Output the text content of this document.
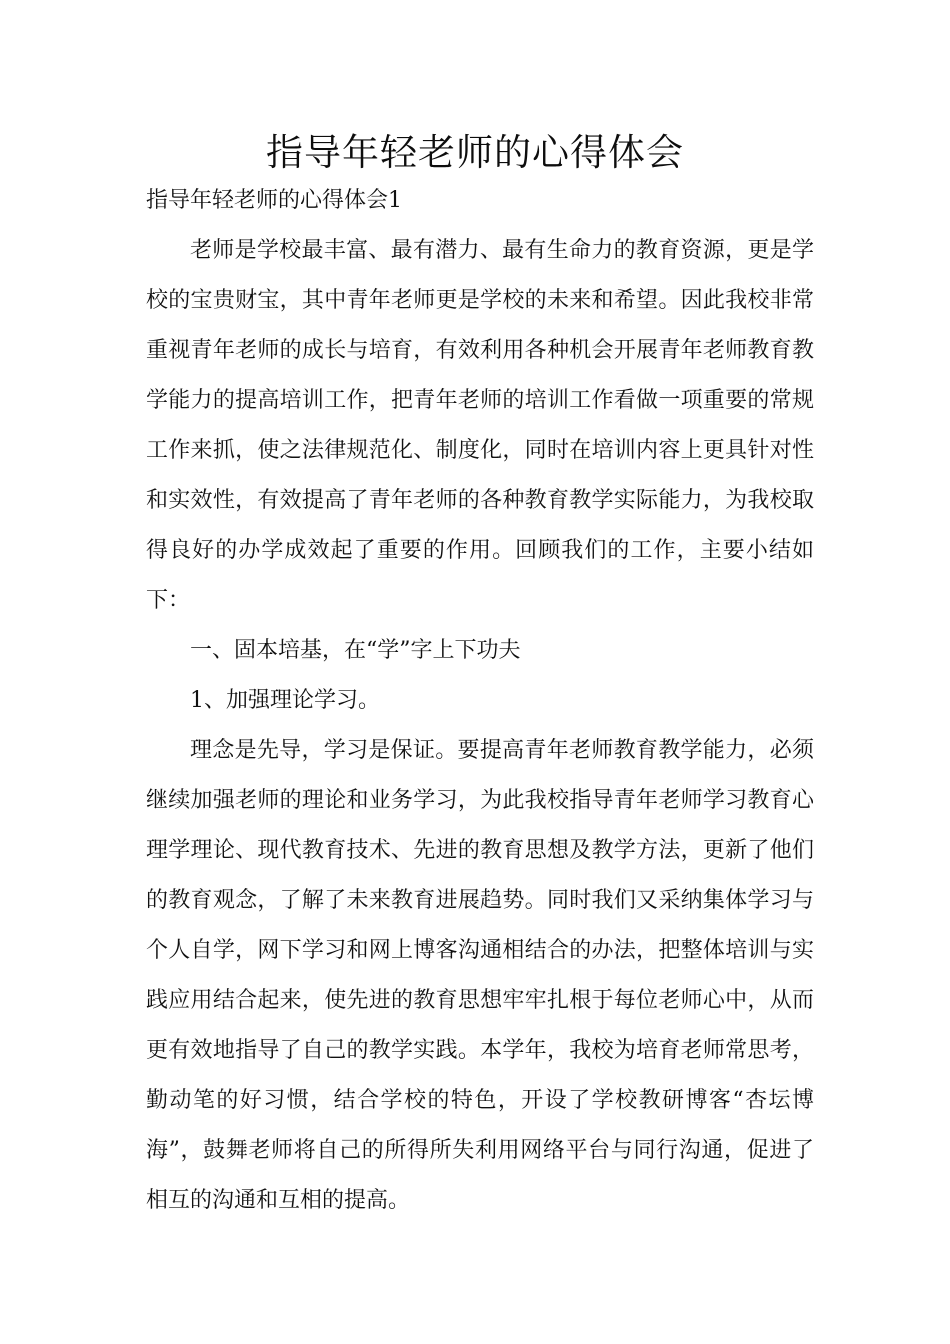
指导年轻老师的心得体会
指导年轻老师的心得体会1

老师是学校最丰富、最有潜力、最有生命力的教育资源，更是学校的宝贵财宝，其中青年老师更是学校的未来和希望。因此我校非常重视青年老师的成长与培育，有效利用各种机会开展青年老师教育教学能力的提高培训工作，把青年老师的培训工作看做一项重要的常规工作来抓，使之法律规范化、制度化，同时在培训内容上更具针对性和实效性，有效提高了青年老师的各种教育教学实际能力，为我校取得良好的办学成效起了重要的作用。回顾我们的工作，主要小结如下：

一、固本培基，在“学”字上下功夫

1、加强理论学习。

理念是先导，学习是保证。要提高青年老师教育教学能力，必须继续加强老师的理论和业务学习，为此我校指导青年老师学习教育心理学理论、现代教育技术、先进的教育思想及教学方法，更新了他们的教育观念，了解了未来教育进展趋势。同时我们又采纳集体学习与个人自学，网下学习和网上博客沟通相结合的办法，把整体培训与实践应用结合起来，使先进的教育思想牢牢扎根于每位老师心中，从而更有效地指导了自己的教学实践。本学年，我校为培育老师常思考，勤动笔的好习惯，结合学校的特色，开设了学校教研博客“杏坛博海”，鼓舞老师将自己的所得所失利用网络平台与同行沟通，促进了相互的沟通和互相的提高。
